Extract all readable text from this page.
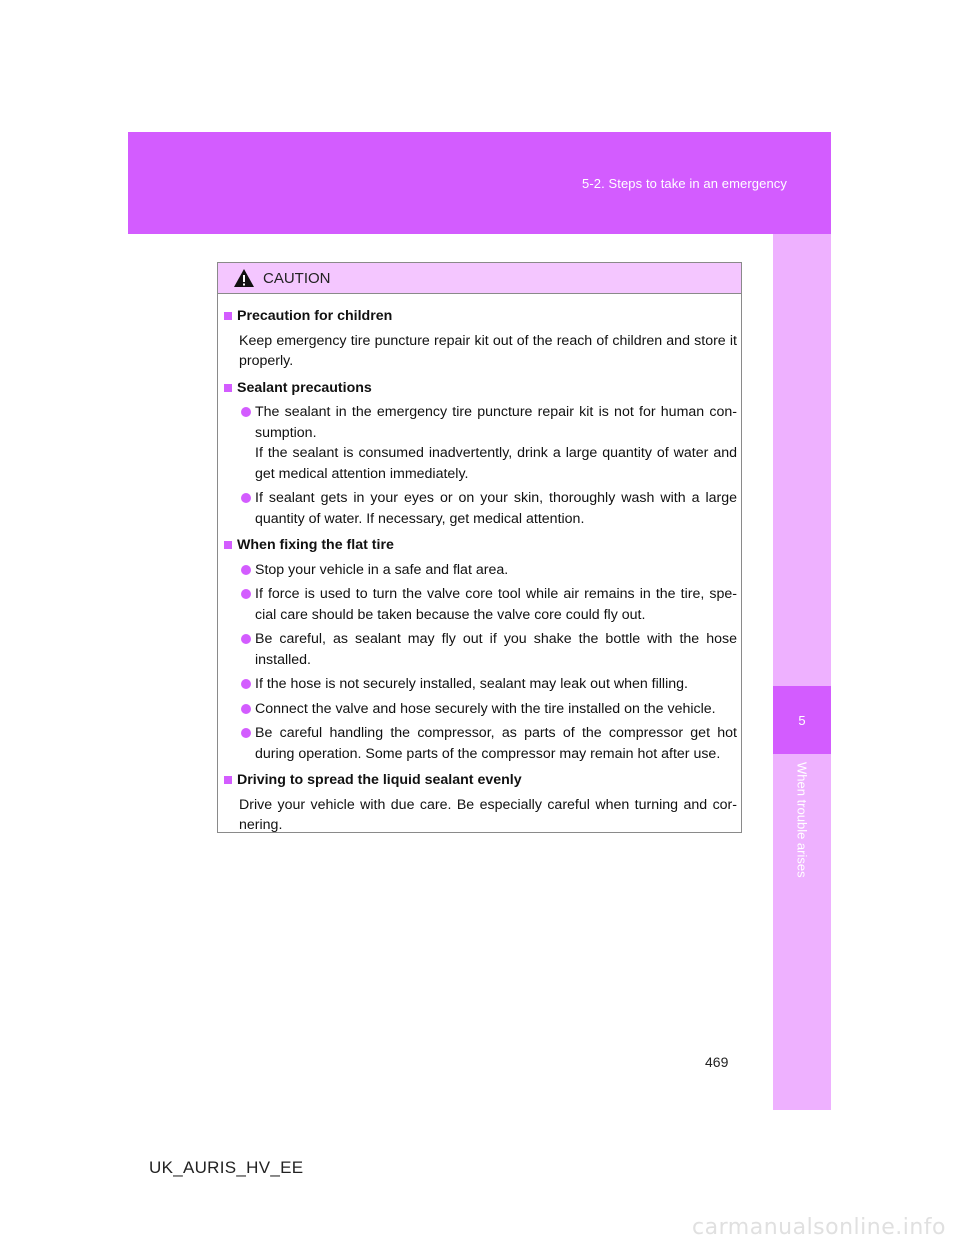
5-2. Steps to take in an emergency
5
When trouble arises
CAUTION
Precaution for children
Keep emergency tire puncture repair kit out of the reach of children and store it properly.
Sealant precautions
The sealant in the emergency tire puncture repair kit is not for human con-sumption.
If the sealant is consumed inadvertently, drink a large quantity of water and get medical attention immediately.
If sealant gets in your eyes or on your skin, thoroughly wash with a large quantity of water. If necessary, get medical attention.
When fixing the flat tire
Stop your vehicle in a safe and flat area.
If force is used to turn the valve core tool while air remains in the tire, spe-cial care should be taken because the valve core could fly out.
Be careful, as sealant may fly out if you shake the bottle with the hose installed.
If the hose is not securely installed, sealant may leak out when filling.
Connect the valve and hose securely with the tire installed on the vehicle.
Be careful handling the compressor, as parts of the compressor get hot during operation. Some parts of the compressor may remain hot after use.
Driving to spread the liquid sealant evenly
Drive your vehicle with due care. Be especially careful when turning and cor-nering.
469
UK_AURIS_HV_EE
carmanualsonline.info
